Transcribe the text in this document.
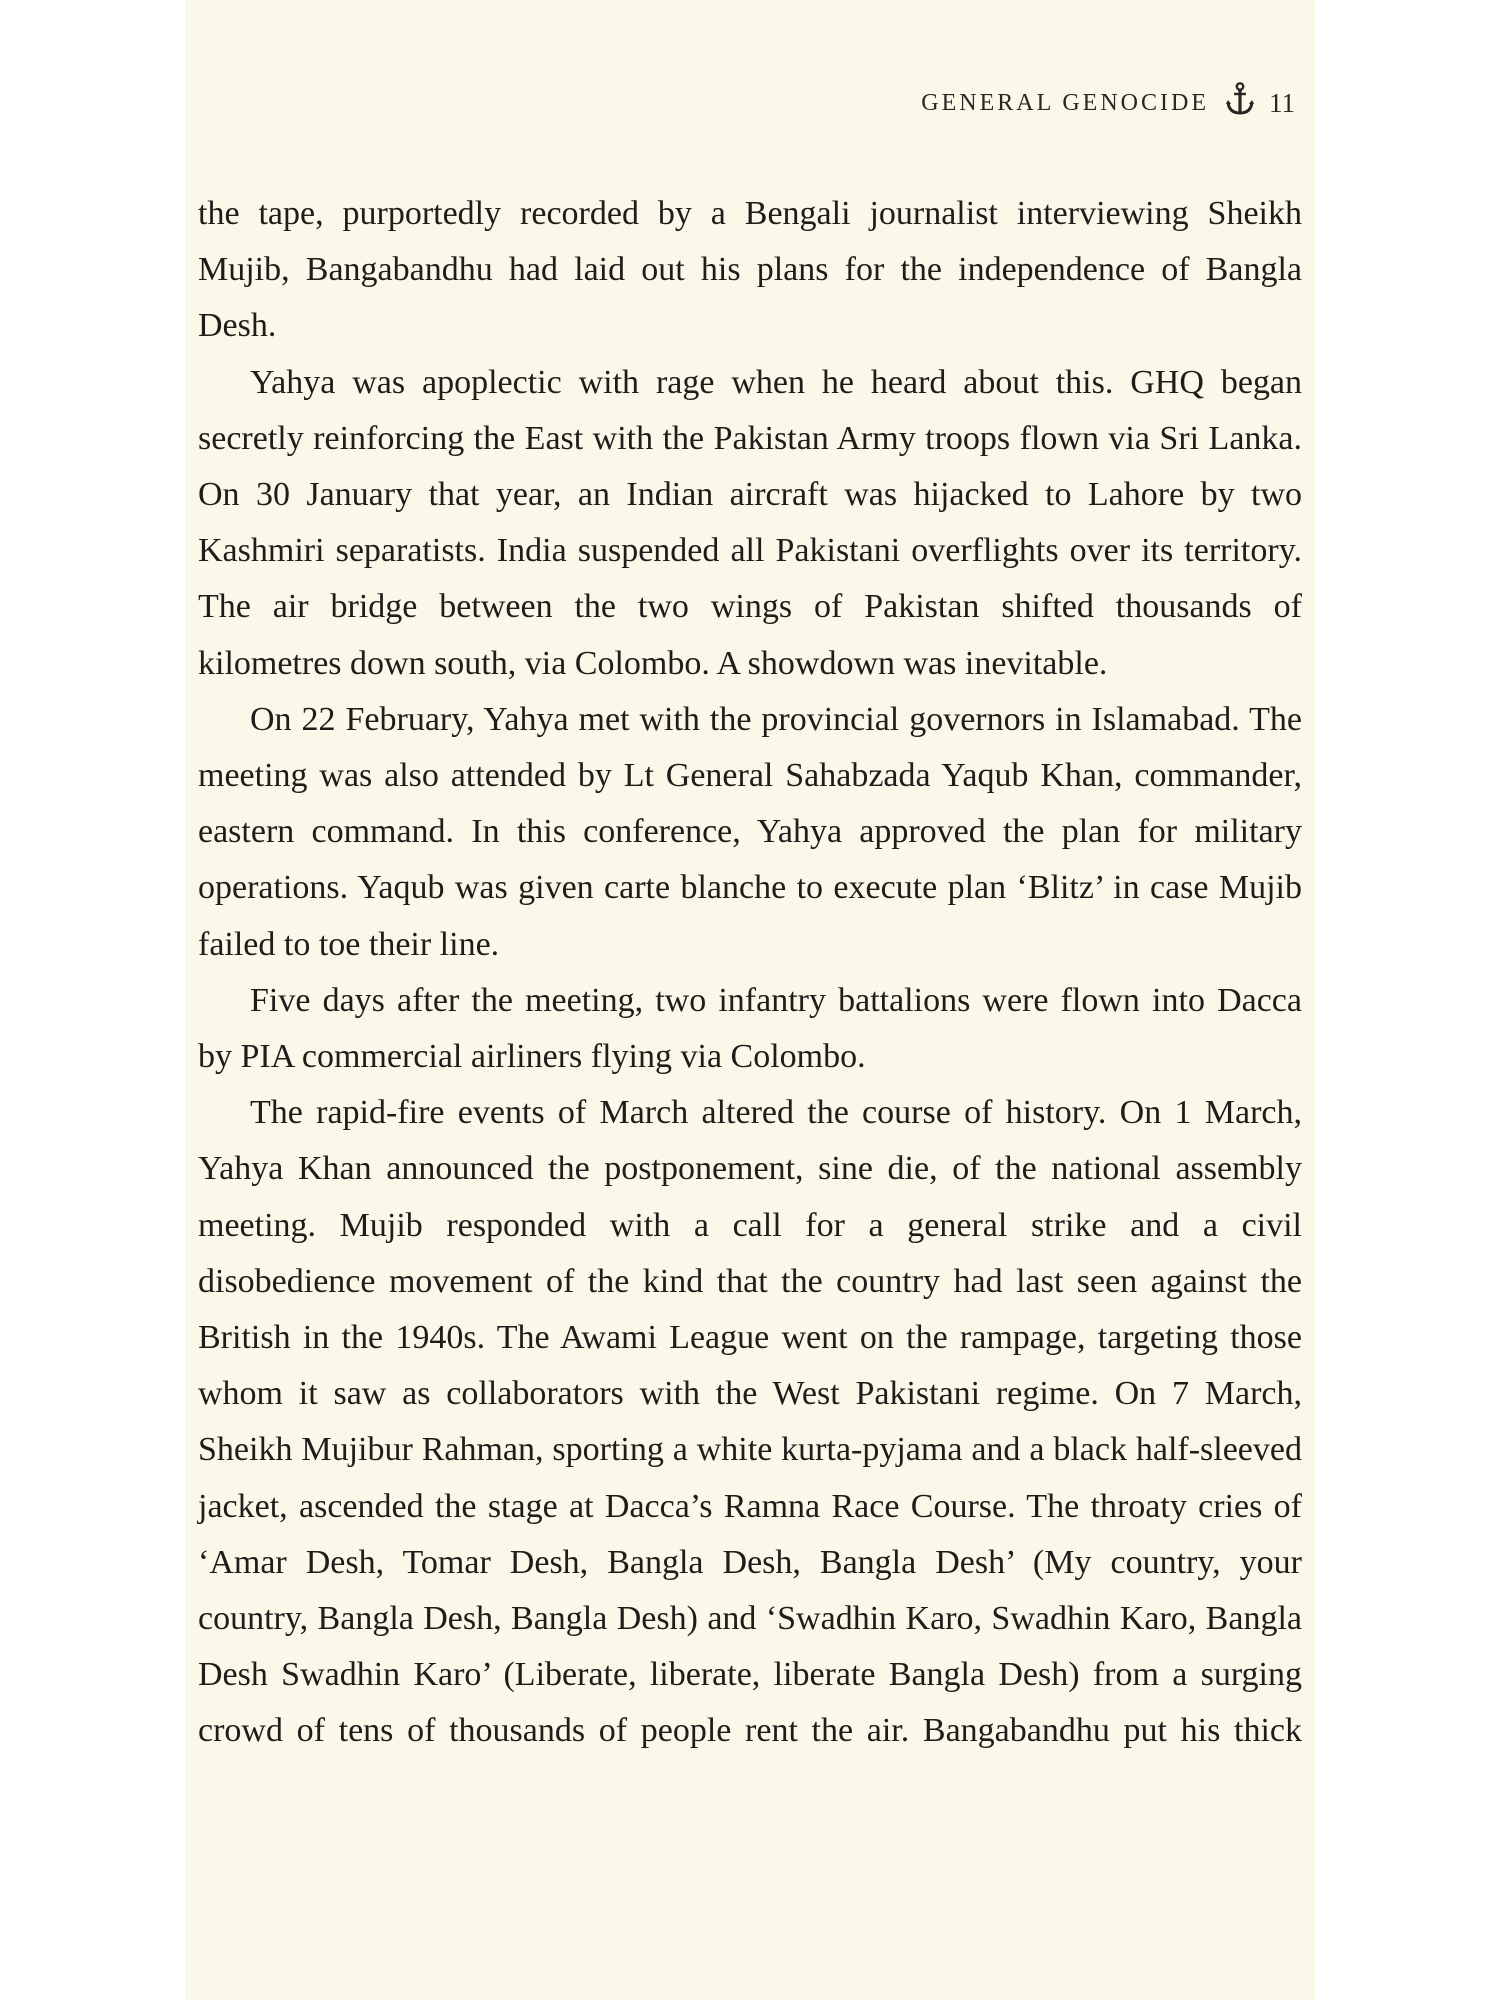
GENERAL GENOCIDE 11

the tape, purportedly recorded by a Bengali journalist interviewing Sheikh Mujib, Bangabandhu had laid out his plans for the independence of Bangla Desh.

Yahya was apoplectic with rage when he heard about this. GHQ began secretly reinforcing the East with the Pakistan Army troops flown via Sri Lanka. On 30 January that year, an Indian aircraft was hijacked to Lahore by two Kashmiri separatists. India suspended all Pakistani overflights over its territory. The air bridge between the two wings of Pakistan shifted thousands of kilometres down south, via Colombo. A showdown was inevitable.

On 22 February, Yahya met with the provincial governors in Islamabad. The meeting was also attended by Lt General Sahabzada Yaqub Khan, commander, eastern command. In this conference, Yahya approved the plan for military operations. Yaqub was given carte blanche to execute plan ‘Blitz’ in case Mujib failed to toe their line.

Five days after the meeting, two infantry battalions were flown into Dacca by PIA commercial airliners flying via Colombo.

The rapid-fire events of March altered the course of history. On 1 March, Yahya Khan announced the postponement, sine die, of the national assembly meeting. Mujib responded with a call for a general strike and a civil disobedience movement of the kind that the country had last seen against the British in the 1940s. The Awami League went on the rampage, targeting those whom it saw as collaborators with the West Pakistani regime. On 7 March, Sheikh Mujibur Rahman, sporting a white kurta-pyjama and a black half-sleeved jacket, ascended the stage at Dacca’s Ramna Race Course. The throaty cries of ‘Amar Desh, Tomar Desh, Bangla Desh, Bangla Desh’ (My country, your country, Bangla Desh, Bangla Desh) and ‘Swadhin Karo, Swadhin Karo, Bangla Desh Swadhin Karo’ (Liberate, liberate, liberate Bangla Desh) from a surging crowd of tens of thousands of people rent the air. Bangabandhu put his thick
